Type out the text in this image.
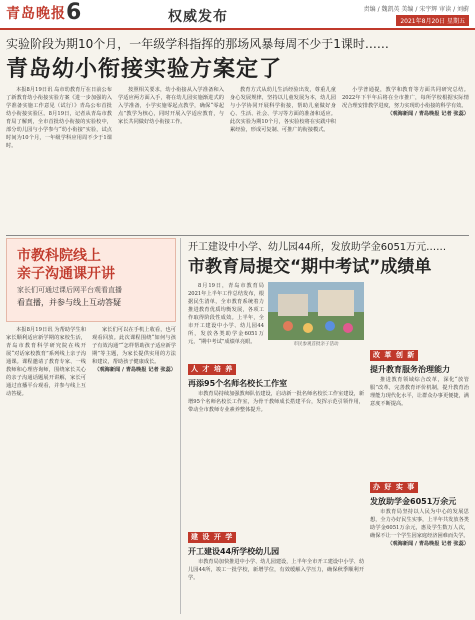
青岛晚报 6	权威发布	责编 / 魏凯英 美编 / 宋宇辉 审读 / 刘蔚
2021年8月20日 星期五
实验阶段为期10个月，一年级学科指挥的那场风暴每周不少于1课时……
青岛幼小衔接实验方案定了

本报8月19日讯 岛市幼教育厅在日前公布了新教育幼小衔接实验方案《进一步加强的入学准备实施工作意见（试行）》青岛公布首批幼小衔接实验区。8月19日，记者从青岛市教育局了解到，全市首批幼小衔接的实验校中，部分幼儿园与小学参与“幼小衔接”实验，试点时间为10个月，一年级学科应用周不少于1课时。

按照相关要求，幼小衔接从入学准备和入学适应两方面入手，将在幼儿园实施渐进式的入学准备，小学实施零起点教学，确保“零起点”教学为核心，同时开展入学适应教育，与家长共同做好幼小衔接工作。

教育方式从幼儿生活经验出发，尊重儿童身心发展规律，坚持以儿童发展为本，幼儿园与小学协同开展科学衔接，帮助儿童做好身心、生活、社会、学习等方面的准备和适应。此次实验为期10个月，各实验校将在实践中积累经验，形成可复制、可推广的衔接模式。

小学普通提，教学和教育等方面共同研究总结。2022年下半年后将在全市推广，每所学校根据实际情况合理安排教学进度，努力实现幼小衔接的科学有效。

（观海新闻 / 青岛晚报 记者 张蕊）

市教科院线上
亲子沟通课开讲
家长们可通过课后网平台观看直播
看直播，并参与线上互动答疑

本报8月19日讯 为帮助学生和家长顺利适应新学期的家校生活，青岛市教育科学研究院在线开展“对话家校教育”系列线上亲子沟通课。课程邀请了教育专家、一线教师和心理咨询师，围绕家长关心的亲子沟通话题展开讲解，家长可通过直播平台观看，并参与线上互动答疑。

家长们可以在手机上收看，也可观看回放。此次课程围绕“如何与孩子有效沟通”“怎样帮助孩子适应新学期”等主题，为家长提供实用的方法和建议，帮助孩子健康成长。

（观海新闻 / 青岛晚报 记者 张蕊）

开工建设中小学、幼儿园44所，发放助学金6051万元……
市教育局提交“期中考试”成绩单

8月19日，青岛市教育局2021年上半年工作总结发布，根据民生清单，全市教育系统着力推进教育优质均衡发展，各项工作取得阶段性成效。上半年，全市开工建设中小学、幼儿园44所，发放各类助学金6051万元，“期中考试”成绩单亮眼。	市民参观首批亲子活动
人 才 培 养
再添95个名师名校长工作室

市教育局持续加强教师队伍建设，启动新一批名师名校长工作室建设，新增95个名师名校长工作室，为骨干教师成长搭建平台，发挥示范引领作用，带动全市教师专业素养整体提升。

建 设 开 学
开工建设44所学校幼儿园

市教育局加快推进中小学、幼儿园建设，上半年全市开工建设中小学、幼儿园44所，竣工一批学校，新增学位，有效缓解入学压力，确保秋季顺利开学。

改 革 创 新
提升教育服务治理能力

推进教育领域综合改革，深化“放管服”改革，完善教育评价机制，提升教育治理能力现代化水平，让群众办事更便捷，满意度不断提高。

办 好 实 事
发放助学金6051万余元

市教育局坚持以人民为中心的发展思想，全力办好民生实事，上半年共发放各类助学金6051万余元，惠及学生数万人次，确保不让一个学生因家庭经济困难而失学。

（观海新闻 / 青岛晚报 记者 张蕊）
